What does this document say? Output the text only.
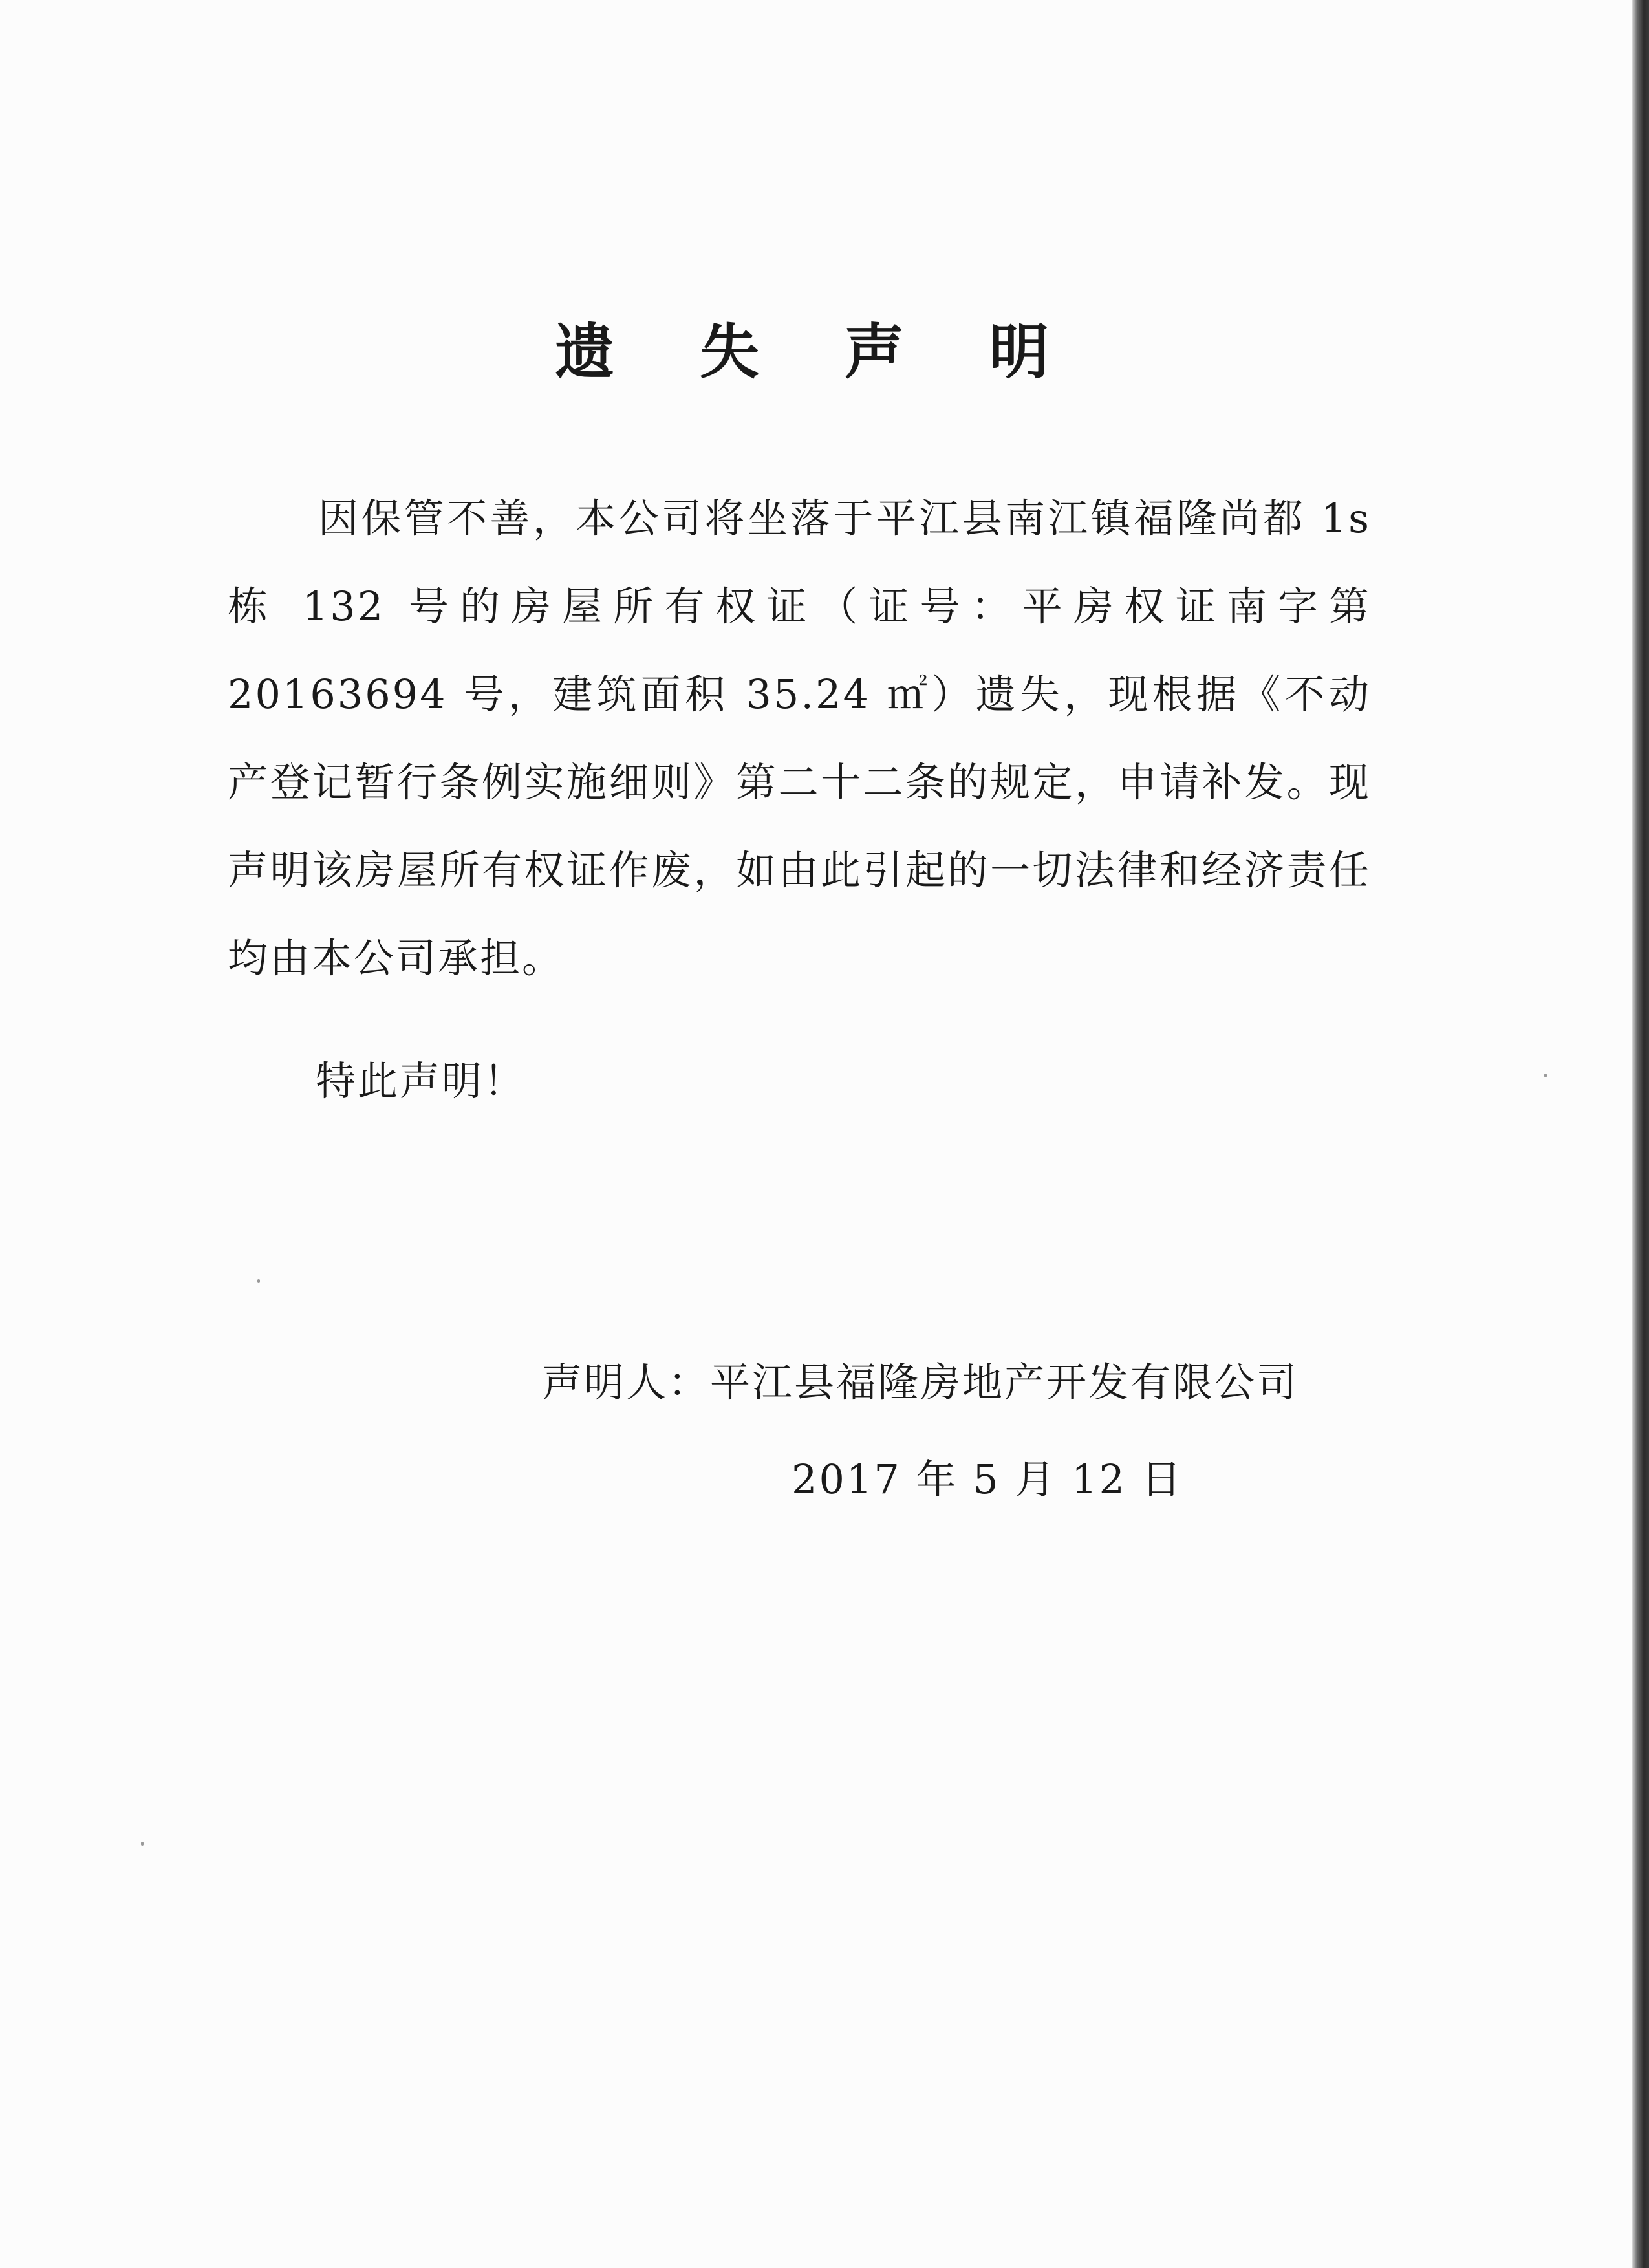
遗 失 声 明

因保管不善，本公司将坐落于平江县南江镇福隆尚都 1s 栋 132 号的房屋所有权证（证号：平房权证南字第 20163694 号，建筑面积 35.24 ㎡）遗失，现根据《不动产登记暂行条例实施细则》第二十二条的规定，申请补发。现声明该房屋所有权证作废，如由此引起的一切法律和经济责任均由本公司承担。

特此声明！

声明人：平江县福隆房地产开发有限公司

2017 年 5 月 12 日
